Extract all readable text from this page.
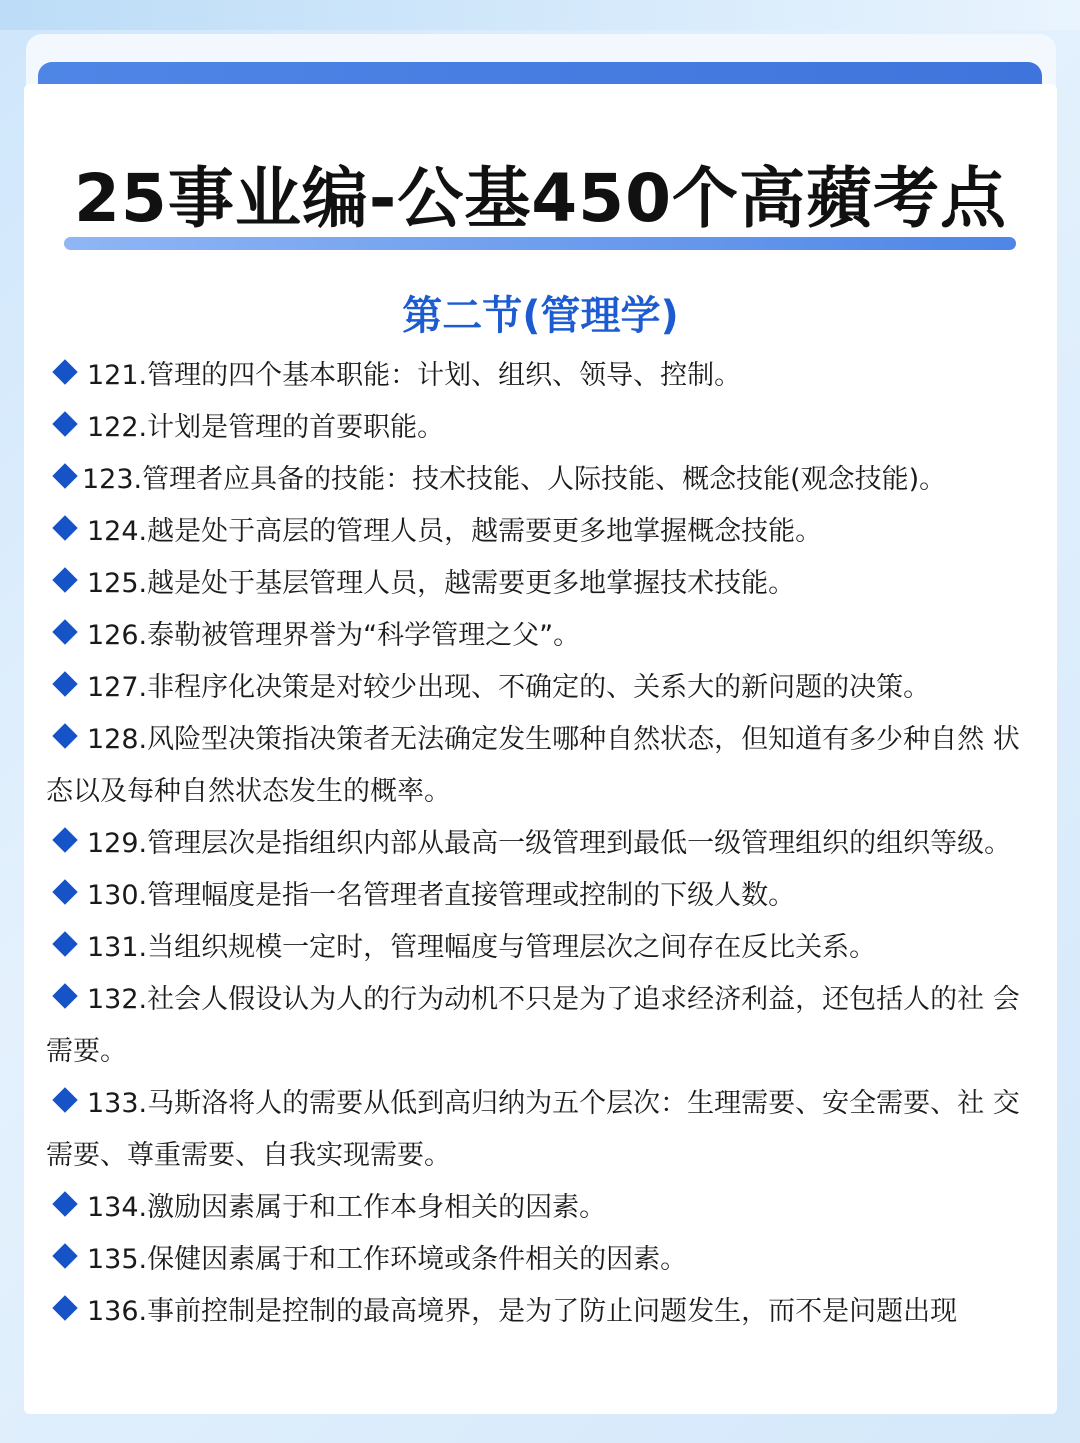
25事业编-公基450个高蘋考点
第二节(管理学)
121.管理的四个基本职能：计划、组织、领导、控制。
122.计划是管理的首要职能。
123.管理者应具备的技能：技术技能、人际技能、概念技能(观念技能)。
124.越是处于高层的管理人员，越需要更多地掌握概念技能。
125.越是处于基层管理人员，越需要更多地掌握技术技能。
126.泰勒被管理界誉为“科学管理之父”。
127.非程序化决策是对较少出现、不确定的、关系大的新问题的决策。
128.风险型决策指决策者无法确定发生哪种自然状态，但知道有多少种自然 状态以及每种自然状态发生的概率。
129.管理层次是指组织内部从最高一级管理到最低一级管理组织的组织等级。
130.管理幅度是指一名管理者直接管理或控制的下级人数。
131.当组织规模一定时，管理幅度与管理层次之间存在反比关系。
132.社会人假设认为人的行为动机不只是为了追求经济利益，还包括人的社 会需要。
133.马斯洛将人的需要从低到高归纳为五个层次：生理需要、安全需要、社 交需要、尊重需要、自我实现需要。
134.激励因素属于和工作本身相关的因素。
135.保健因素属于和工作环境或条件相关的因素。
136.事前控制是控制的最高境界，是为了防止问题发生，而不是问题出现
